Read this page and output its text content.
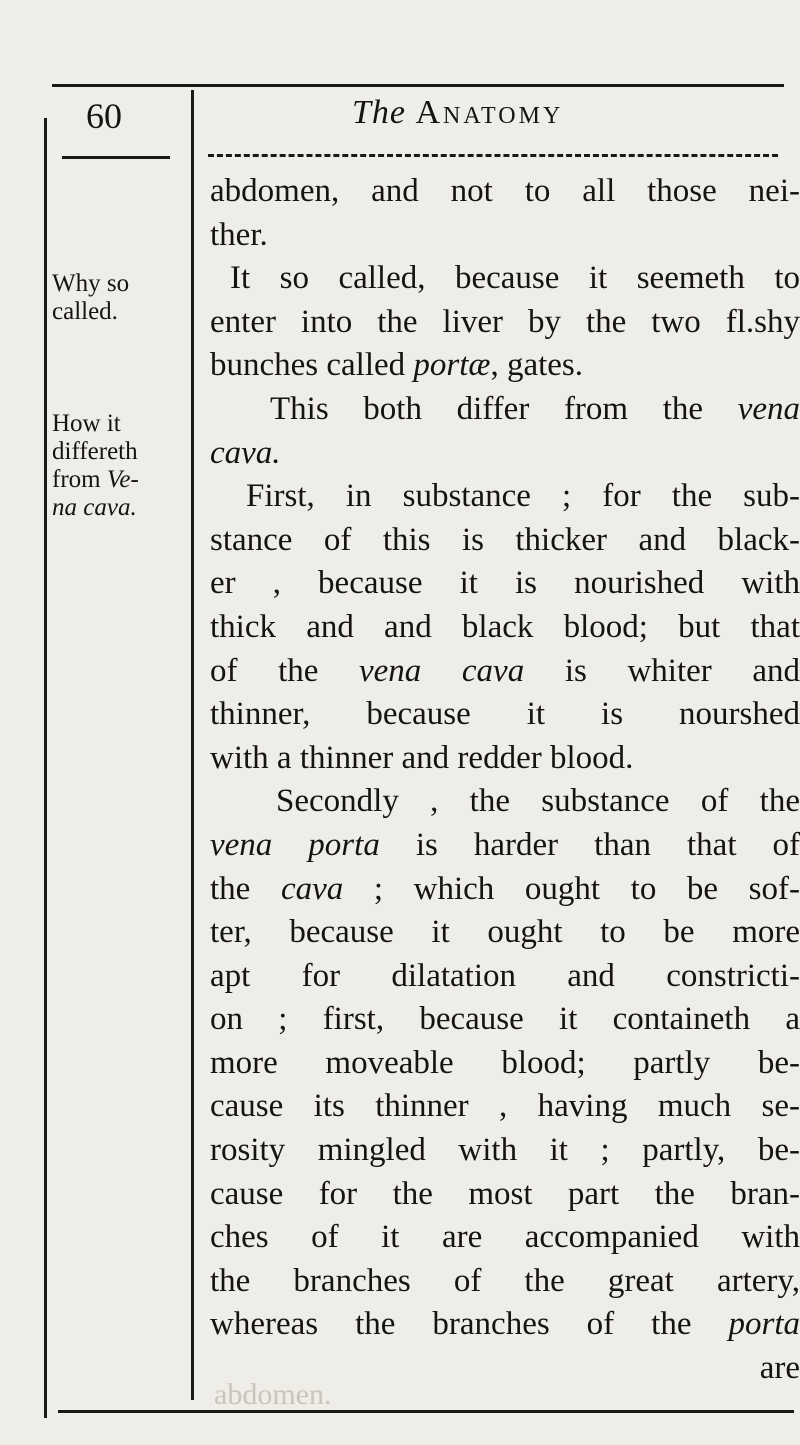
60	The Anatomy
Why so
called.
How it
differeth
from Ve-
na cava.
abdomen, and not to all those nei-
ther.
It so called, because it seemeth to
enter into the liver by the two fl.shy
bunches called portæ, gates.
This both differ from the vena
cava.
First, in substance ; for the sub-
stance of this is thicker and black-
er , because it is nourished with
thick and and black blood; but that
of the vena cava is whiter and
thinner, because it is nourshed
with a thinner and redder blood.
Secondly , the substance of the
vena porta is harder than that of
the cava ; which ought to be sof-
ter, because it ought to be more
apt for dilatation and constricti-
on ; first, because it containeth a
more moveable blood; partly be-
cause its thinner , having much se-
rosity mingled with it ; partly, be-
cause for the most part the bran-
ches of it are accompanied with
the branches of the great artery,
whereas the branches of the porta
are
abdomen.
